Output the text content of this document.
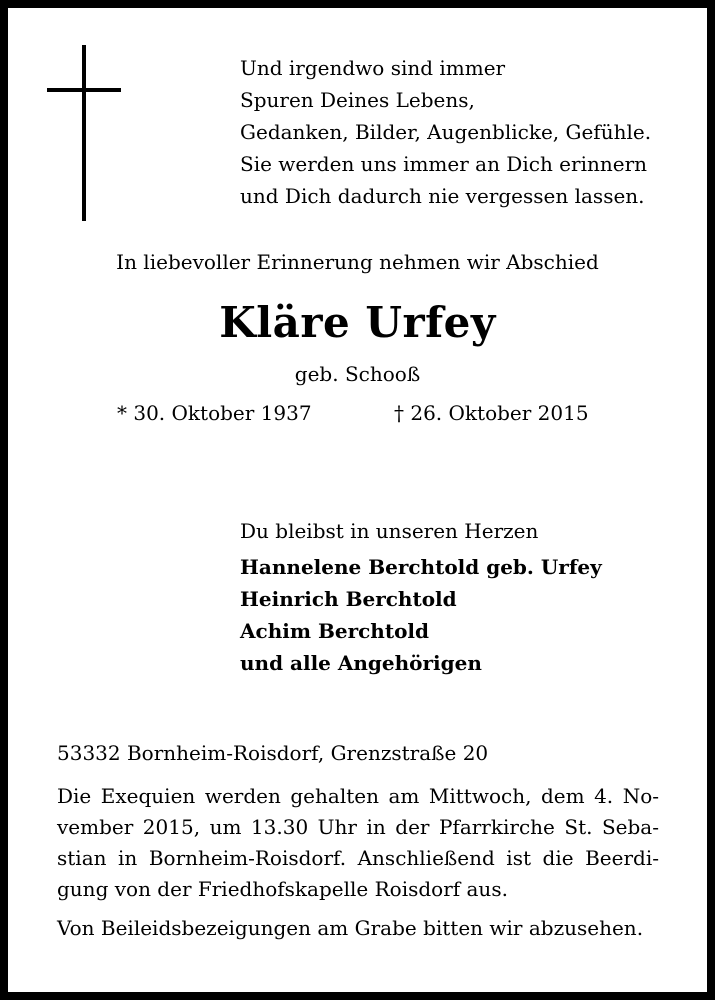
Und irgendwo sind immer
Spuren Deines Lebens,
Gedanken, Bilder, Augenblicke, Gefühle.
Sie werden uns immer an Dich erinnern
und Dich dadurch nie vergessen lassen.
In liebevoller Erinnerung nehmen wir Abschied
Kläre Urfey
geb. Schooß
* 30. Oktober 1937	† 26. Oktober 2015
Du bleibst in unseren Herzen
Hannelene Berchtold geb. Urfey
Heinrich Berchtold
Achim Berchtold
und alle Angehörigen
53332 Bornheim-Roisdorf, Grenzstraße 20
Die Exequien werden gehalten am Mittwoch, dem 4. No-
vember 2015, um 13.30 Uhr in der Pfarrkirche St. Seba-
stian in Bornheim-Roisdorf. Anschließend ist die Beerdi-
gung von der Friedhofskapelle Roisdorf aus.
Von Beileidsbezeigungen am Grabe bitten wir abzusehen.
